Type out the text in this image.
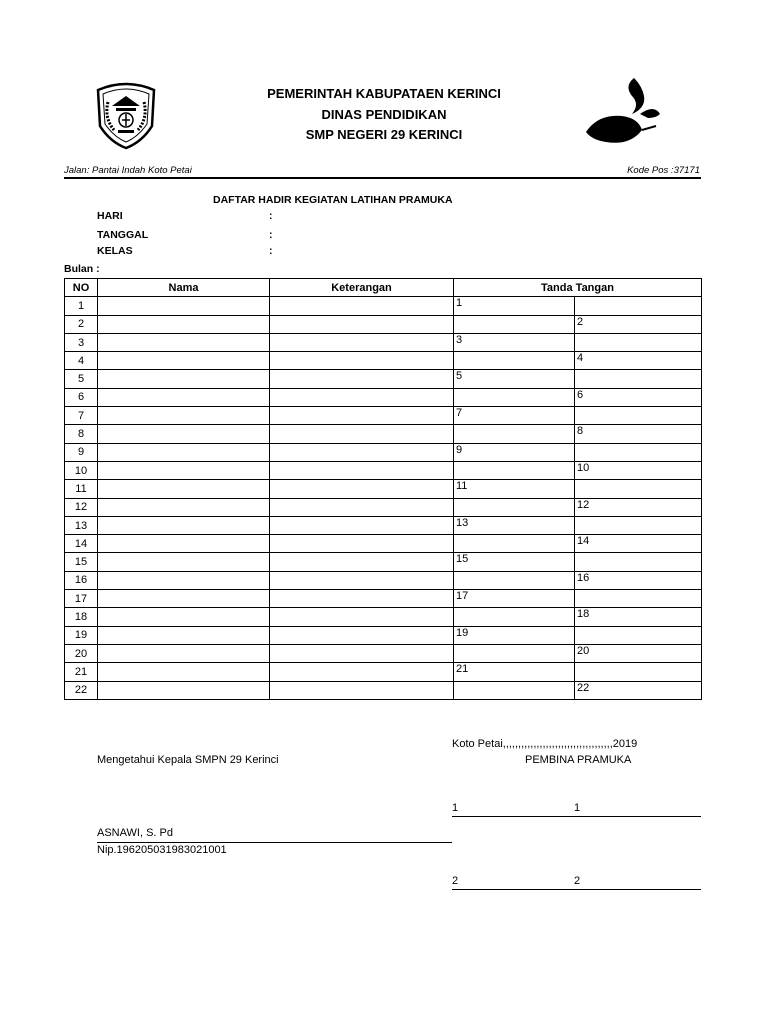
PEMERINTAH KABUPATAEN KERINCI
DINAS PENDIDIKAN
SMP NEGERI 29 KERINCI
Jalan: Pantai Indah Koto Petai	Kode Pos :37171
DAFTAR HADIR KEGIATAN LATIHAN PRAMUKA
HARI	:
TANGGAL	:
KELAS	:
Bulan :
NO	Nama	Keterangan	Tanda Tangan	
1			1	
2				2
3			3	
4				4
5			5	
6				6
7			7	
8				8
9			9	
10				10
11			11	
12				12
13			13	
14				14
15			15	
16				16
17			17	
18				18
19			19	
20				20
21			21	
22				22
Koto Petai,,,,,,,,,,,,,,,,,,,,,,,,,,,,,,,,,,,,2019
Mengetahui Kepala SMPN 29 Kerinci	PEMBINA PRAMUKA
1	1
ASNAWI, S. Pd
Nip.196205031983021001
2	2
